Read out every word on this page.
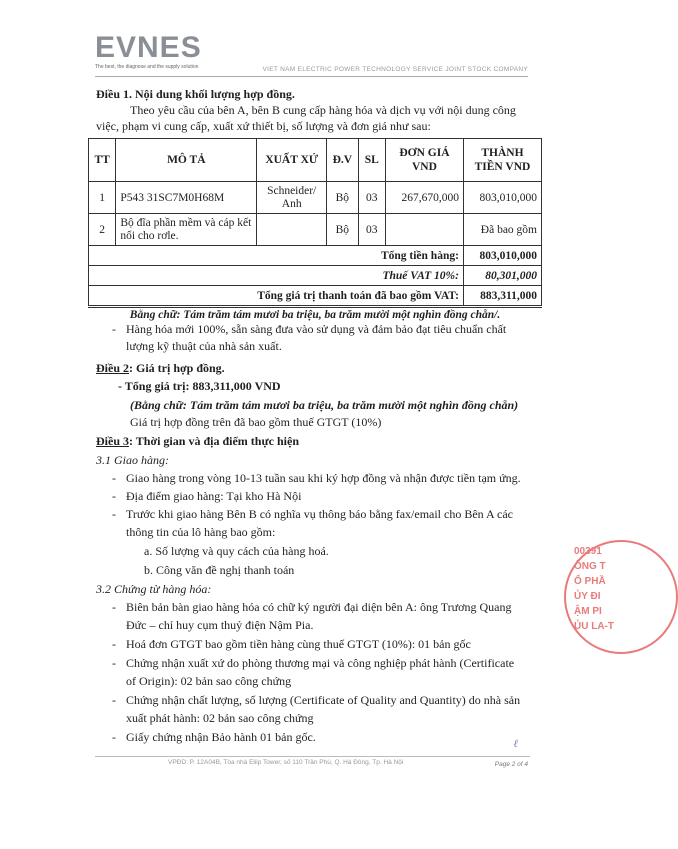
EVNES
The best, the diagnose and the supply solution	VIET NAM ELECTRIC POWER TECHNOLOGY SERVICE JOINT STOCK COMPANY
Điều 1. Nội dung khối lượng hợp đồng.
Theo yêu cầu của bên A, bên B cung cấp hàng hóa và dịch vụ với nội dung công
việc, phạm vi cung cấp, xuất xứ thiết bị, số lượng và đơn giá như sau:
TT	MÔ TẢ	XUẤT XỨ	Đ.V	SL	ĐƠN GIÁ VND	THÀNH TIỀN VND
1	P543 31SC7M0H68M	Schneider/ Anh	Bộ	03	267,670,000	803,010,000
2	Bộ đĩa phần mềm và cáp kết nối cho rơle.		Bộ	03		Đã bao gồm
Tổng tiền hàng:						803,010,000
Thuế VAT 10%:						80,301,000
Tổng giá trị thanh toán đã bao gồm VAT:						883,311,000
Bằng chữ: Tám trăm tám mươi ba triệu, ba trăm mười một nghìn đồng chẵn/.
- Hàng hóa mới 100%, sẵn sàng đưa vào sử dụng và đảm bảo đạt tiêu chuẩn chất
lượng kỹ thuật của nhà sản xuất.
Điều 2: Giá trị hợp đồng.
- Tổng giá trị: 883,311,000 VND
(Bằng chữ: Tám trăm tám mươi ba triệu, ba trăm mười một nghìn đồng chẵn)
Giá trị hợp đồng trên đã bao gồm thuế GTGT (10%)
Điều 3: Thời gian và địa điểm thực hiện
3.1 Giao hàng:
- Giao hàng trong vòng 10-13 tuần sau khi ký hợp đồng và nhận được tiền tạm ứng.
- Địa điểm giao hàng: Tại kho Hà Nội
- Trước khi giao hàng Bên B có nghĩa vụ thông báo bằng fax/email cho Bên A các
thông tin của lô hàng bao gồm:
a. Số lượng và quy cách của hàng hoá.
b. Công văn đề nghị thanh toán
3.2 Chứng từ hàng hóa:
- Biên bản bàn giao hàng hóa có chữ ký người đại diện bên A: ông Trương Quang
Đức – chỉ huy cụm thuỷ điện Nậm Pia.
- Hoá đơn GTGT bao gồm tiền hàng cùng thuế GTGT (10%): 01 bản gốc
- Chứng nhận xuất xứ do phòng thương mại và công nghiệp phát hành (Certificate
of Origin): 02 bản sao công chứng
- Chứng nhận chất lượng, số lượng (Certificate of Quality and Quantity) do nhà sản
xuất phát hành: 02 bản sao công chứng
- Giấy chứng nhận Bảo hành 01 bản gốc.
00391
ÔNG T
Ổ PHẦ
ỦY ĐI
ẬM PI
ỦU LA-T
ℓ
VPĐD: P. 12A04B, Tòa nhà Eliip Tower, số 110 Trần Phú, Q. Hà Đông, Tp. Hà Nội	Page 2 of 4
